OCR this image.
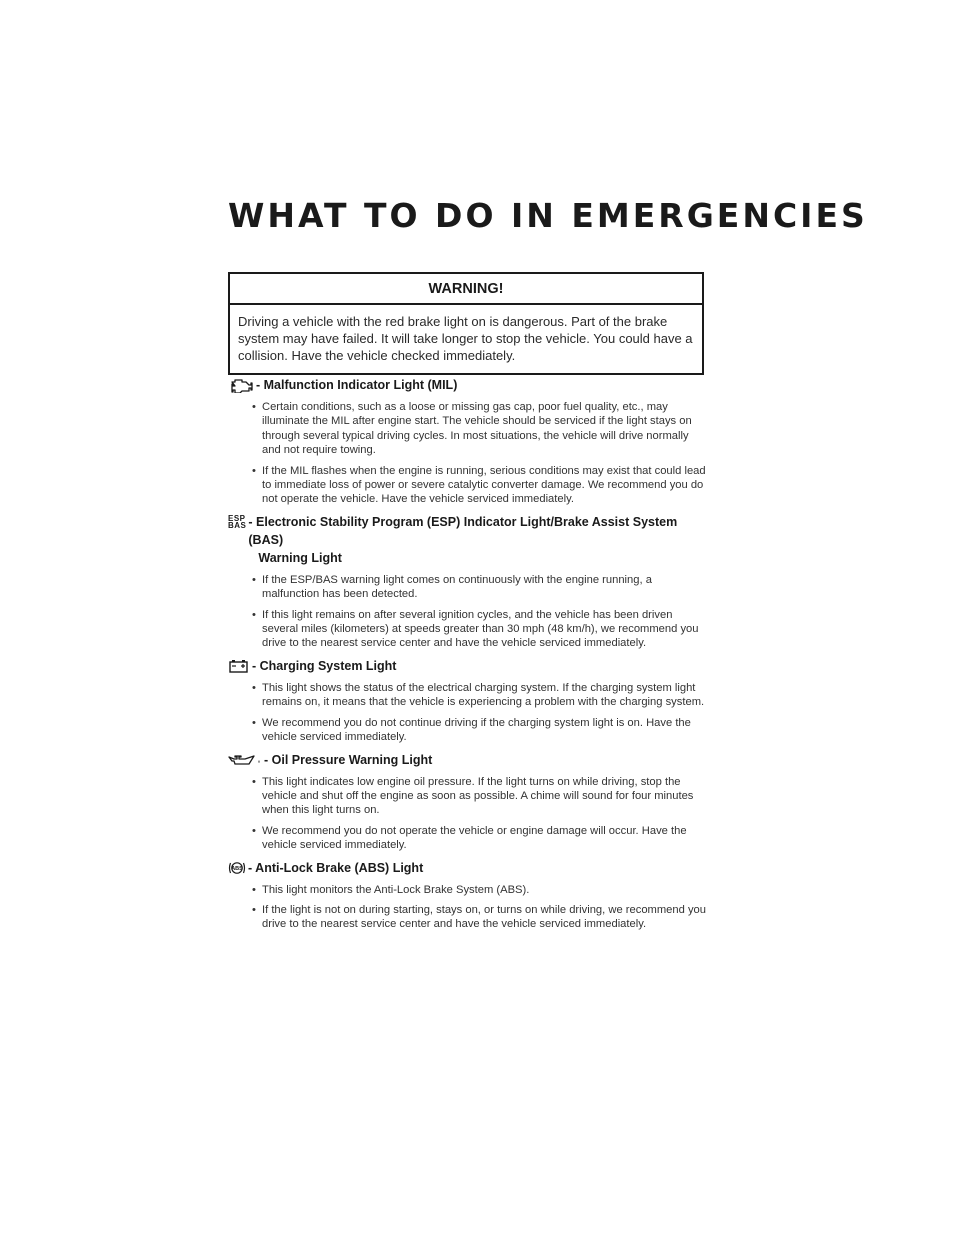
WHAT TO DO IN EMERGENCIES
WARNING!
Driving a vehicle with the red brake light on is dangerous. Part of the brake system may have failed. It will take longer to stop the vehicle. You could have a collision. Have the vehicle checked immediately.
- Malfunction Indicator Light (MIL)
• Certain conditions, such as a loose or missing gas cap, poor fuel quality, etc., may illuminate the MIL after engine start. The vehicle should be serviced if the light stays on through several typical driving cycles. In most situations, the vehicle will drive normally and not require towing.
• If the MIL flashes when the engine is running, serious conditions may exist that could lead to immediate loss of power or severe catalytic converter damage. We recommend you do not operate the vehicle. Have the vehicle serviced immediately.
ESP
BAS - Electronic Stability Program (ESP) Indicator Light/Brake Assist System (BAS)
Warning Light
• If the ESP/BAS warning light comes on continuously with the engine running, a malfunction has been detected.
• If this light remains on after several ignition cycles, and the vehicle has been driven several miles (kilometers) at speeds greater than 30 mph (48 km/h), we recommend you drive to the nearest service center and have the vehicle serviced immediately.
- Charging System Light
• This light shows the status of the electrical charging system. If the charging system light remains on, it means that the vehicle is experiencing a problem with the charging system.
• We recommend you do not continue driving if the charging system light is on. Have the vehicle serviced immediately.
- Oil Pressure Warning Light
• This light indicates low engine oil pressure. If the light turns on while driving, stop the vehicle and shut off the engine as soon as possible. A chime will sound for four minutes when this light turns on.
• We recommend you do not operate the vehicle or engine damage will occur. Have the vehicle serviced immediately.
ABS - Anti-Lock Brake (ABS) Light
• This light monitors the Anti-Lock Brake System (ABS).
• If the light is not on during starting, stays on, or turns on while driving, we recommend you drive to the nearest service center and have the vehicle serviced immediately.
